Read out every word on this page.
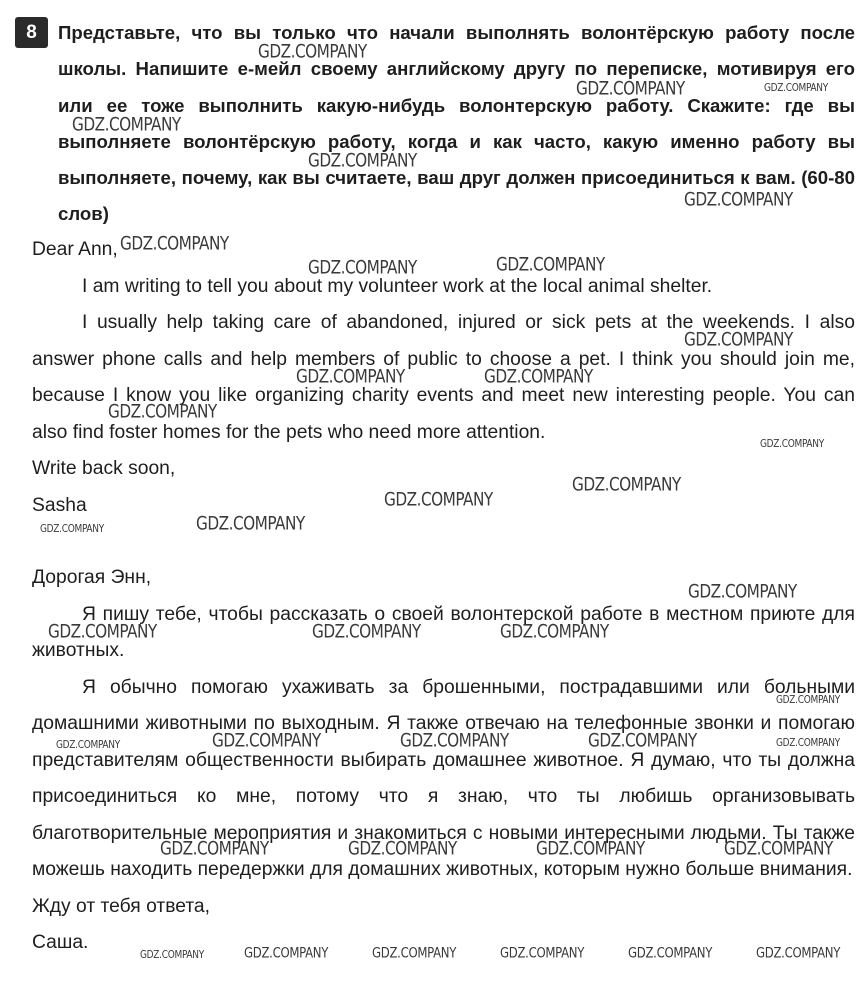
8	Представьте, что вы только что начали выполнять волонтёрскую работу после школы. Напишите е-мейл своему английскому другу по переписке, мотивируя его или ее тоже выполнить какую-нибудь волонтерскую работу. Скажите: где вы выполняете волонтёрскую работу, когда и как часто, какую именно работу вы выполняете, почему, как вы считаете, ваш друг должен присоединиться к вам. (60-80 слов)

Dear Ann,

I am writing to tell you about my volunteer work at the local animal shelter.

I usually help taking care of abandoned, injured or sick pets at the weekends. I also answer phone calls and help members of public to choose a pet. I think you should join me, because I know you like organizing charity events and meet new interesting people. You can also find foster homes for the pets who need more attention.

Write back soon,

Sasha

Дорогая Энн,

Я пишу тебе, чтобы рассказать о своей волонтерской работе в местном приюте для животных.

Я обычно помогаю ухаживать за брошенными, пострадавшими или больными домашними животными по выходным. Я также отвечаю на телефонные звонки и помогаю представителям общественности выбирать домашнее животное. Я думаю, что ты должна присоединиться ко мне, потому что я знаю, что ты любишь организовывать благотворительные мероприятия и знакомиться с новыми интересными людьми. Ты также можешь находить передержки для домашних животных, которым нужно больше внимания.

Жду от тебя ответа,

Саша.

GDZ.COMPANY
GDZ.COMPANY	GDZ.COMPANY
GDZ.COMPANY
GDZ.COMPANY
GDZ.COMPANY
GDZ.COMPANY
GDZ.COMPANY	GDZ.COMPANY
GDZ.COMPANY
GDZ.COMPANY	GDZ.COMPANY
GDZ.COMPANY
GDZ.COMPANY
GDZ.COMPANY
GDZ.COMPANY
GDZ.COMPANY	GDZ.COMPANY
GDZ.COMPANY
GDZ.COMPANY	GDZ.COMPANY	GDZ.COMPANY
GDZ.COMPANY
GDZ.COMPANY	GDZ.COMPANY	GDZ.COMPANY	GDZ.COMPANY	GDZ.COMPANY
GDZ.COMPANY	GDZ.COMPANY	GDZ.COMPANY	GDZ.COMPANY
GDZ.COMPANY	GDZ.COMPANY	GDZ.COMPANY	GDZ.COMPANY	GDZ.COMPANY	GDZ.COMPANY
